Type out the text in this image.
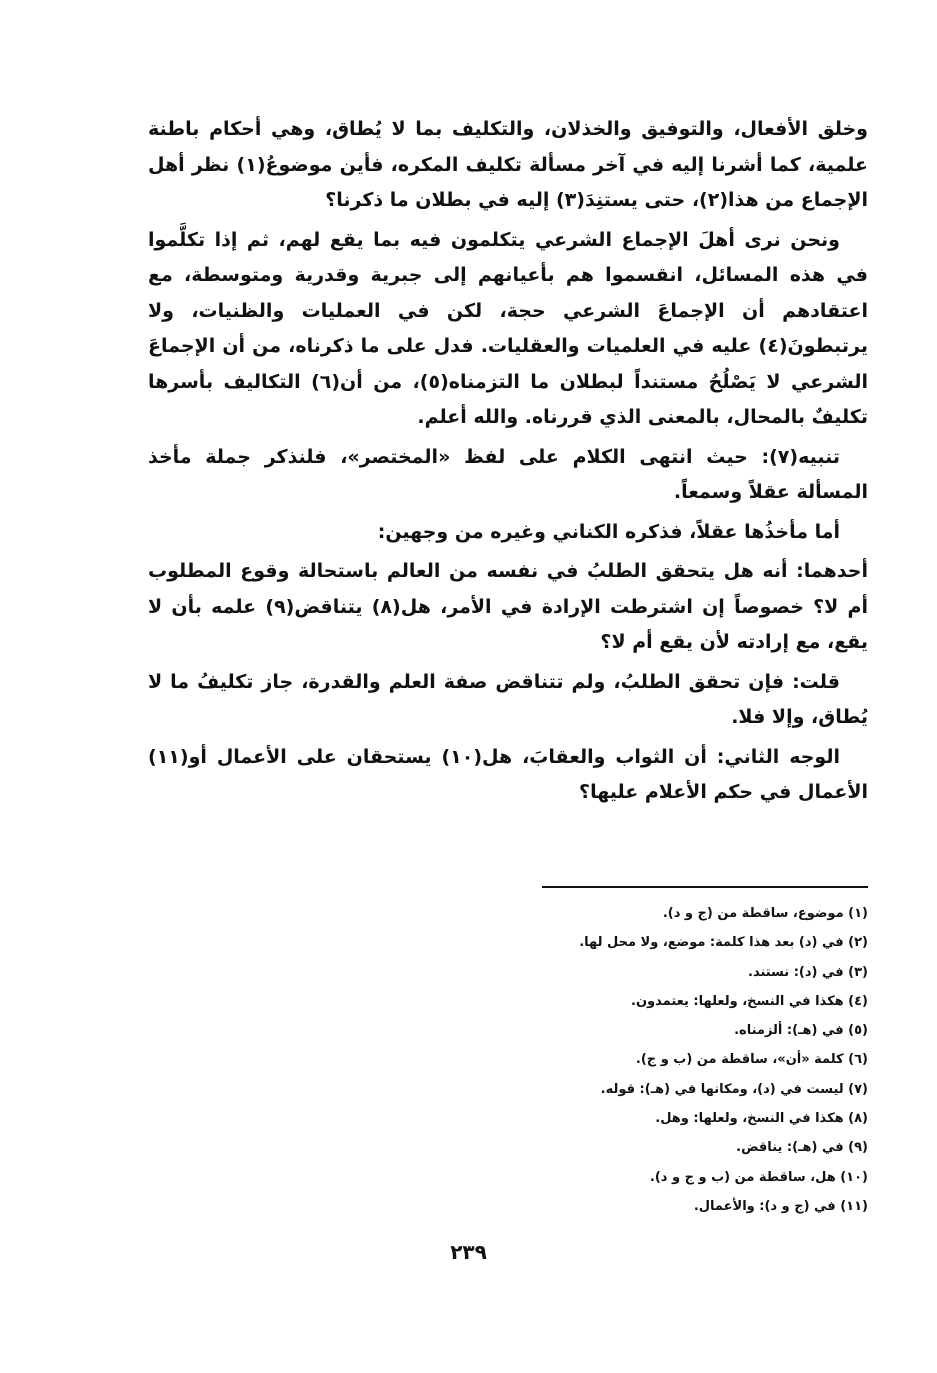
وخلق الأفعال، والتوفيق والخذلان، والتكليف بما لا يُطاق، وهي أحكام باطنة علمية، كما أشرنا إليه في آخر مسألة تكليف المكره، فأين موضوعُ(١) نظر أهل الإجماع من هذا(٢)، حتى يستنِدَ(٣) إليه في بطلان ما ذكرنا؟

ونحن نرى أهلَ الإجماع الشرعي يتكلمون فيه بما يقع لهم، ثم إذا تكلَّموا في هذه المسائل، انقسموا هم بأعيانهم إلى جبرية وقدرية ومتوسطة، مع اعتقادهم أن الإجماعَ الشرعي حجة، لكن في العمليات والظنيات، ولا يرتبطونَ(٤) عليه في العلميات والعقليات. فدل على ما ذكرناه، من أن الإجماعَ الشرعي لا يَصْلُحُ مستنداً لبطلان ما التزمناه(٥)، من أن(٦) التكاليف بأسرها تكليفٌ بالمحال، بالمعنى الذي قررناه. والله أعلم.

تنبيه(٧): حيث انتهى الكلام على لفظ «المختصر»، فلنذكر جملة مأخذ المسألة عقلاً وسمعاً.

أما مأخذُها عقلاً، فذكره الكناني وغيره من وجهين:

أحدهما: أنه هل يتحقق الطلبُ في نفسه من العالم باستحالة وقوع المطلوب أم لا؟ خصوصاً إن اشترطت الإرادة في الأمر، هل(٨) يتناقض(٩) علمه بأن لا يقع، مع إرادته لأن يقع أم لا؟

قلت: فإن تحقق الطلبُ، ولم تتناقض صفة العلم والقدرة، جاز تكليفُ ما لا يُطاق، وإلا فلا.

الوجه الثاني: أن الثواب والعقابَ، هل(١٠) يستحقان على الأعمال أو(١١) الأعمال في حكم الأعلام عليها؟

(١) موضوع، ساقطة من (ج و د).
(٢) في (د) بعد هذا كلمة: موضع، ولا محل لها.
(٣) في (د): نستند.
(٤) هكذا في النسخ، ولعلها: يعتمدون.
(٥) في (هـ): ألزمناه.
(٦) كلمة «أن»، ساقطة من (ب و ج).
(٧) ليست في (د)، ومكانها في (هـ): قوله.
(٨) هكذا في النسخ، ولعلها: وهل.
(٩) في (هـ): يناقض.
(١٠) هل، ساقطة من (ب و ج و د).
(١١) في (ج و د): والأعمال.
٢٣٩
